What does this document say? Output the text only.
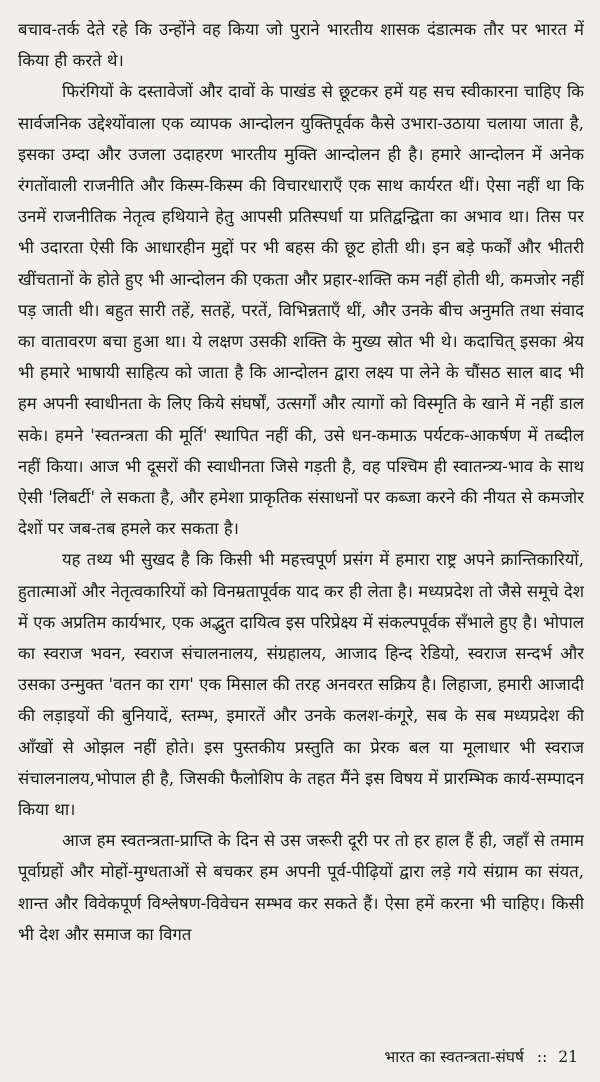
बचाव-तर्क देते रहे कि उन्होंने वह किया जो पुराने भारतीय शासक दंडात्मक तौर पर भारत में किया ही करते थे।

फिरंगियों के दस्तावेजों और दावों के पाखंड से छूटकर हमें यह सच स्वीकारना चाहिए कि सार्वजनिक उद्देश्योंवाला एक व्यापक आन्दोलन युक्तिपूर्वक कैसे उभारा-उठाया चलाया जाता है, इसका उम्दा और उजला उदाहरण भारतीय मुक्ति आन्दोलन ही है। हमारे आन्दोलन में अनेक रंगतोंवाली राजनीति और किस्म-किस्म की विचारधाराएँ एक साथ कार्यरत थीं। ऐसा नहीं था कि उनमें राजनीतिक नेतृत्व हथियाने हेतु आपसी प्रतिस्पर्धा या प्रतिद्वन्द्विता का अभाव था। तिस पर भी उदारता ऐसी कि आधारहीन मुद्दों पर भी बहस की छूट होती थी। इन बड़े फर्कों और भीतरी खींचतानों के होते हुए भी आन्दोलन की एकता और प्रहार-शक्ति कम नहीं होती थी, कमजोर नहीं पड़ जाती थी। बहुत सारी तहें, सतहें, परतें, विभिन्नताएँ थीं, और उनके बीच अनुमति तथा संवाद का वातावरण बचा हुआ था। ये लक्षण उसकी शक्ति के मुख्य स्रोत भी थे। कदाचित् इसका श्रेय भी हमारे भाषायी साहित्य को जाता है कि आन्दोलन द्वारा लक्ष्य पा लेने के चौंसठ साल बाद भी हम अपनी स्वाधीनता के लिए किये संघर्षों, उत्सर्गों और त्यागों को विस्मृति के खाने में नहीं डाल सके। हमने 'स्वतन्त्रता की मूर्ति' स्थापित नहीं की, उसे धन-कमाऊ पर्यटक-आकर्षण में तब्दील नहीं किया। आज भी दूसरों की स्वाधीनता जिसे गड़ती है, वह पश्चिम ही स्वातन्त्र्य-भाव के साथ ऐसी 'लिबर्टी' ले सकता है, और हमेशा प्राकृतिक संसाधनों पर कब्जा करने की नीयत से कमजोर देशों पर जब-तब हमले कर सकता है।

यह तथ्य भी सुखद है कि किसी भी महत्त्वपूर्ण प्रसंग में हमारा राष्ट्र अपने क्रान्तिकारियों, हुतात्माओं और नेतृत्वकारियों को विनम्रतापूर्वक याद कर ही लेता है। मध्यप्रदेश तो जैसे समूचे देश में एक अप्रतिम कार्यभार, एक अद्भुत दायित्व इस परिप्रेक्ष्य में संकल्पपूर्वक सँभाले हुए है। भोपाल का स्वराज भवन, स्वराज संचालनालय, संग्रहालय, आजाद हिन्द रेडियो, स्वराज सन्दर्भ और उसका उन्मुक्त 'वतन का राग' एक मिसाल की तरह अनवरत सक्रिय है। लिहाजा, हमारी आजादी की लड़ाइयों की बुनियादें, स्तम्भ, इमारतें और उनके कलश-कंगूरे, सब के सब मध्यप्रदेश की आँखों से ओझल नहीं होते। इस पुस्तकीय प्रस्तुति का प्रेरक बल या मूलाधार भी स्वराज संचालनालय,भोपाल ही है, जिसकी फैलोशिप के तहत मैंने इस विषय में प्रारम्भिक कार्य-सम्पादन किया था।

आज हम स्वतन्त्रता-प्राप्ति के दिन से उस जरूरी दूरी पर तो हर हाल हैं ही, जहाँ से तमाम पूर्वाग्रहों और मोहों-मुग्धताओं से बचकर हम अपनी पूर्व-पीढ़ियों द्वारा लड़े गये संग्राम का संयत, शान्त और विवेकपूर्ण विश्लेषण-विवेचन सम्भव कर सकते हैं। ऐसा हमें करना भी चाहिए। किसी भी देश और समाज का विगत

भारत का स्वतन्त्रता-संघर्ष :: 21
